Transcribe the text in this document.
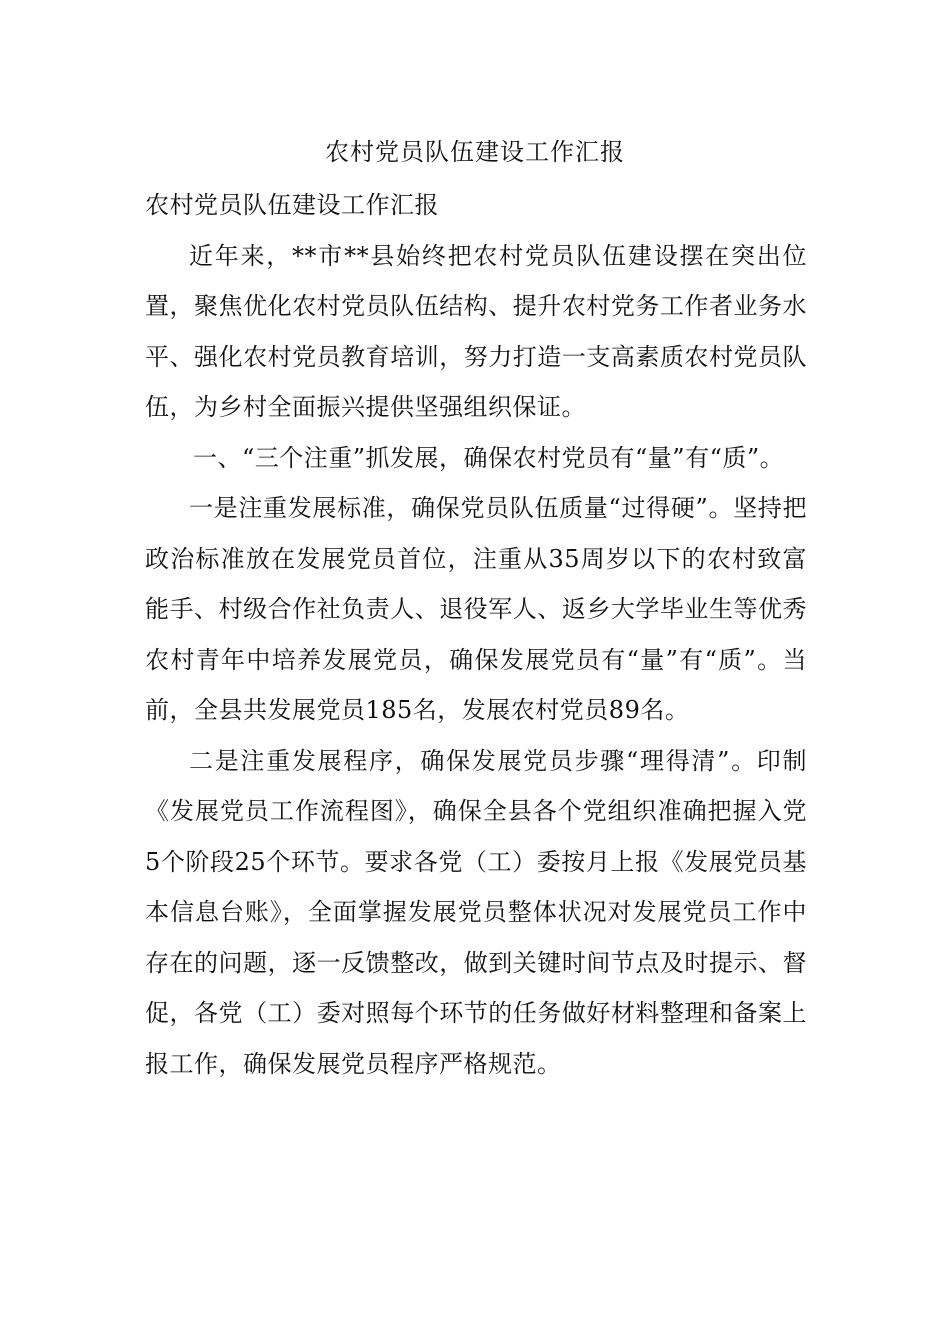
农村党员队伍建设工作汇报

农村党员队伍建设工作汇报

近年来，**市**县始终把农村党员队伍建设摆在突出位置，聚焦优化农村党员队伍结构、提升农村党务工作者业务水平、强化农村党员教育培训，努力打造一支高素质农村党员队伍，为乡村全面振兴提供坚强组织保证。

一、“三个注重”抓发展，确保农村党员有“量”有“质”。

一是注重发展标准，确保党员队伍质量“过得硬”。坚持把政治标准放在发展党员首位，注重从35周岁以下的农村致富能手、村级合作社负责人、退役军人、返乡大学毕业生等优秀农村青年中培养发展党员，确保发展党员有“量”有“质”。当前，全县共发展党员185名，发展农村党员89名。

二是注重发展程序，确保发展党员步骤“理得清”。印制《发展党员工作流程图》，确保全县各个党组织准确把握入党5个阶段25个环节。要求各党（工）委按月上报《发展党员基本信息台账》，全面掌握发展党员整体状况对发展党员工作中存在的问题，逐一反馈整改，做到关键时间节点及时提示、督促，各党（工）委对照每个环节的任务做好材料整理和备案上报工作，确保发展党员程序严格规范。
